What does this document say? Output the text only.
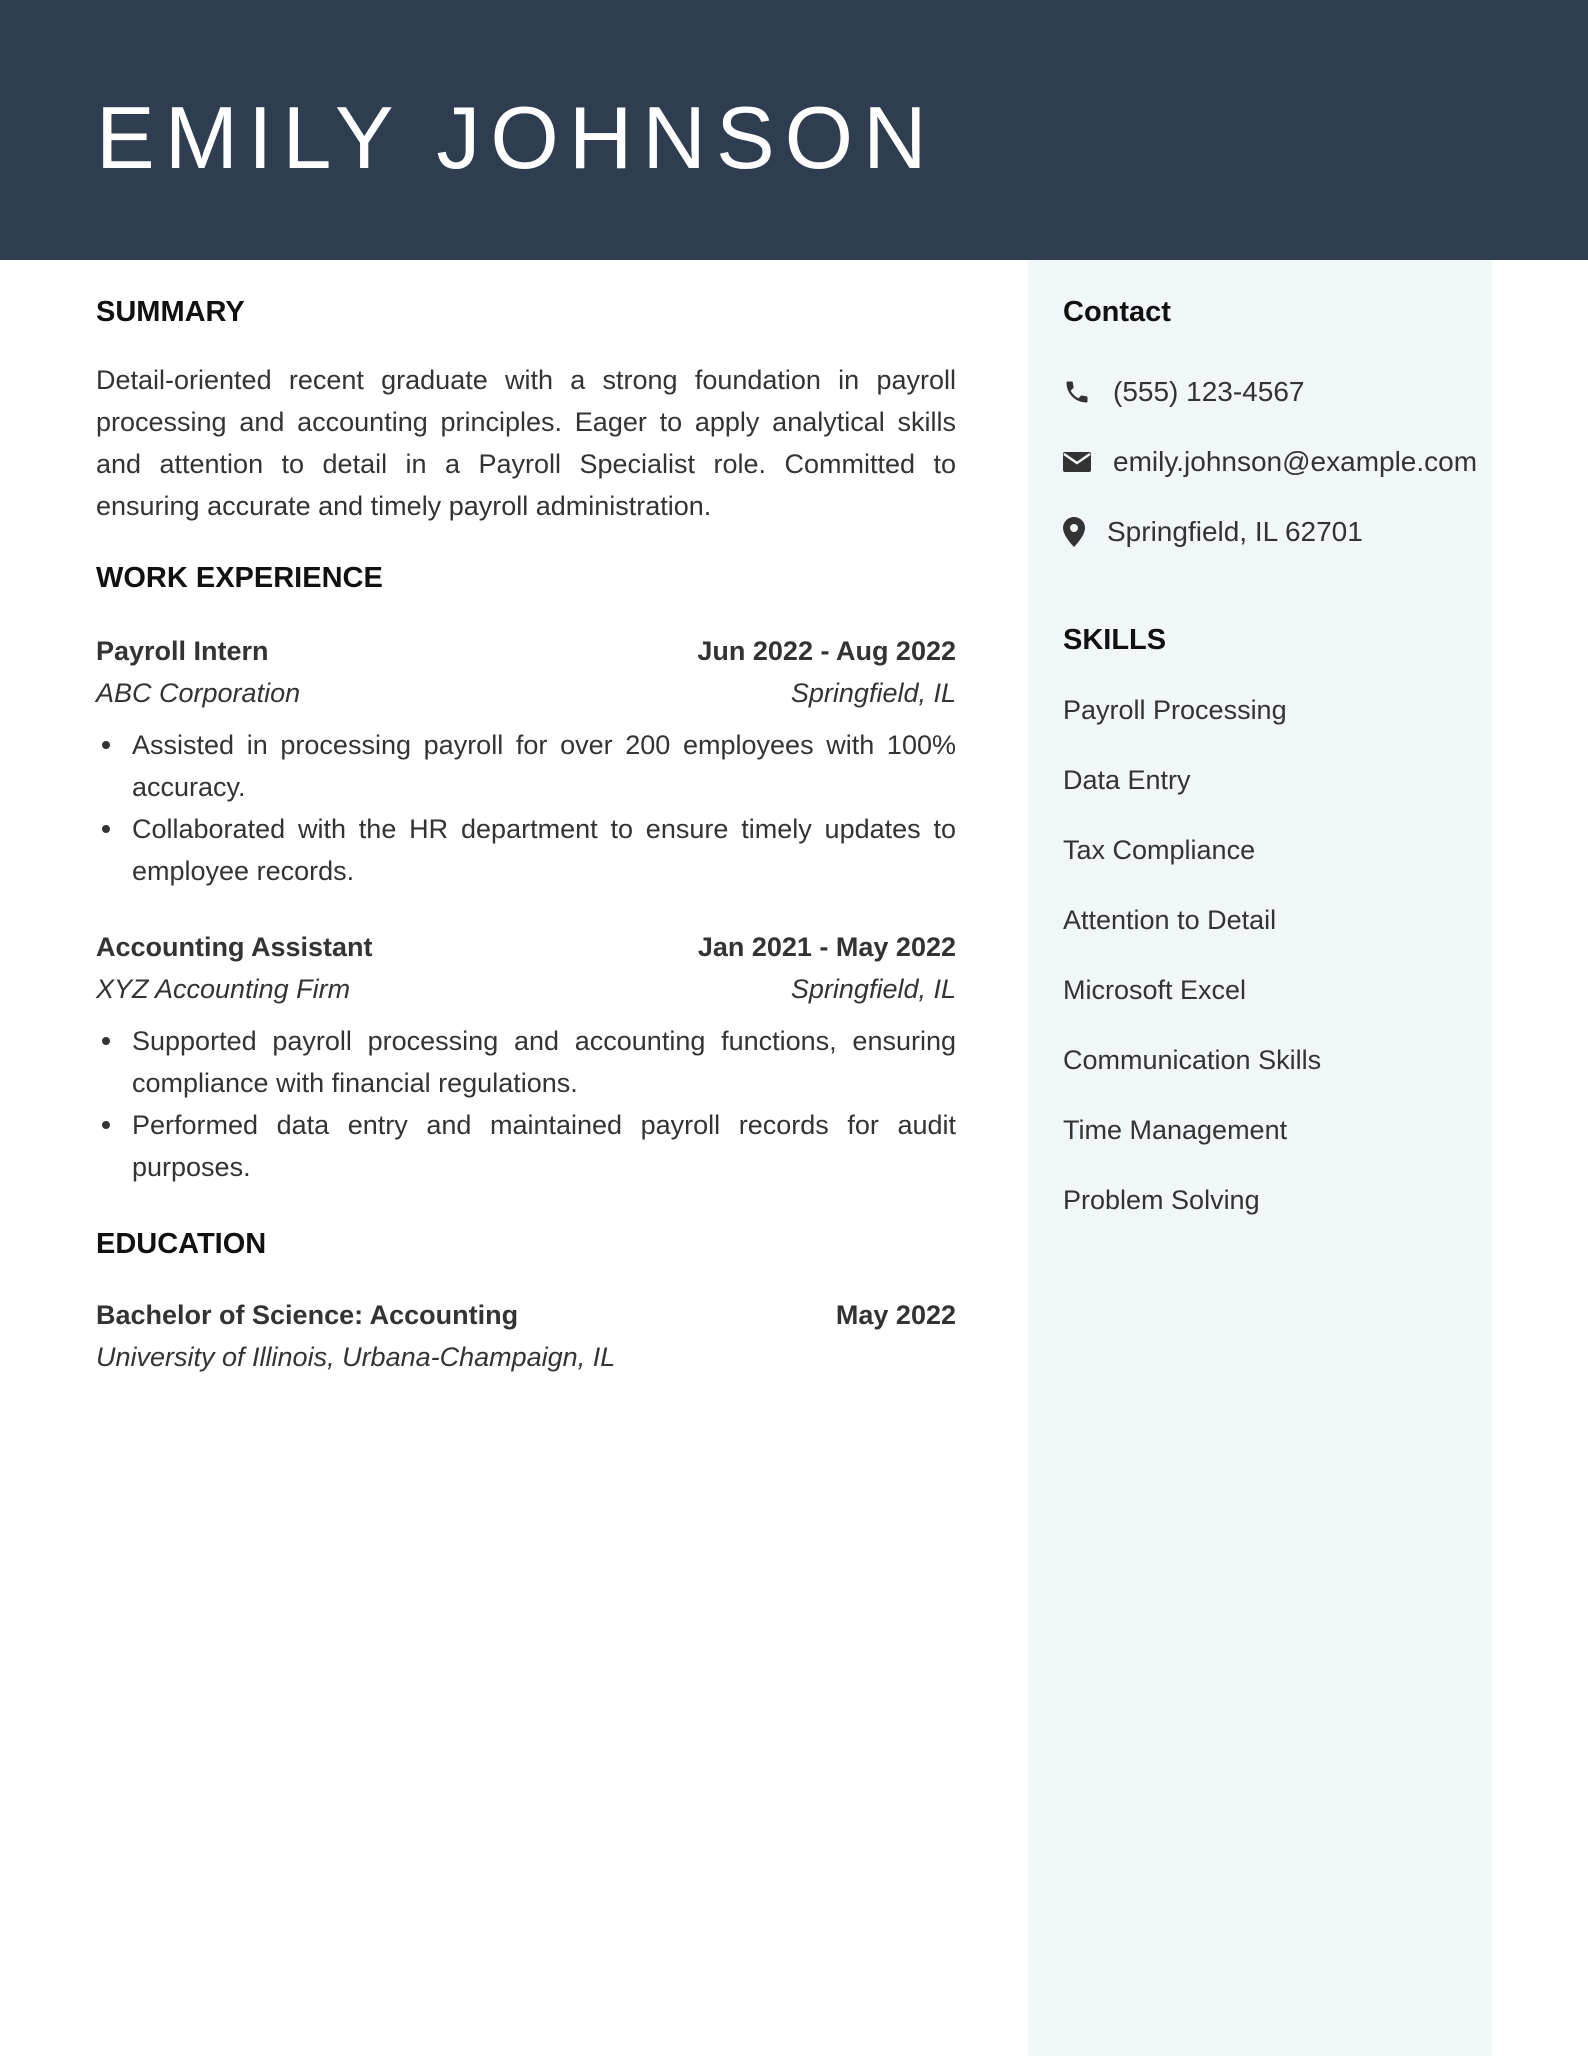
EMILY JOHNSON
SUMMARY

Detail-oriented recent graduate with a strong foundation in payroll processing and accounting principles. Eager to apply analytical skills and attention to detail in a Payroll Specialist role. Committed to ensuring accurate and timely payroll administration.

WORK EXPERIENCE
Payroll Intern	Jun 2022 - Aug 2022
ABC Corporation	Springfield, IL
Assisted in processing payroll for over 200 employees with 100% accuracy.
Collaborated with the HR department to ensure timely updates to employee records.
Accounting Assistant	Jan 2021 - May 2022
XYZ Accounting Firm	Springfield, IL
Supported payroll processing and accounting functions, ensuring compliance with financial regulations.
Performed data entry and maintained payroll records for audit purposes.
EDUCATION
Bachelor of Science: Accounting	May 2022
University of Illinois, Urbana-Champaign, IL
Contact
(555) 123-4567
emily.johnson@example.com
Springfield, IL 62701
SKILLS
Payroll Processing
Data Entry
Tax Compliance
Attention to Detail
Microsoft Excel
Communication Skills
Time Management
Problem Solving
